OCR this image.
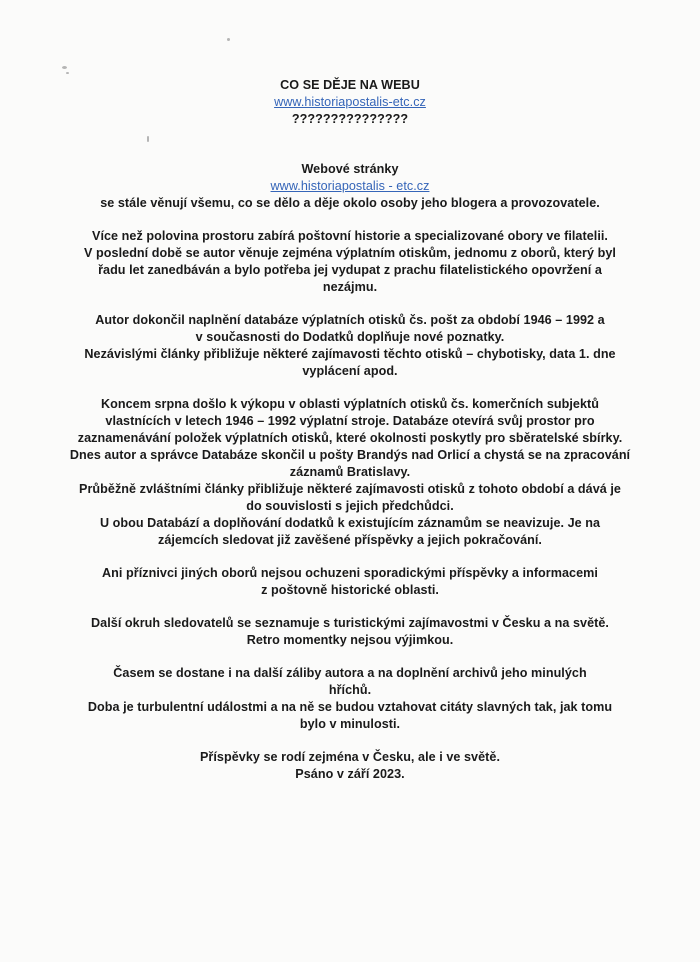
CO SE DĚJE NA WEBU
www.historiapostalis-etc.cz
???????????????
Webové stránky
www.historiapostalis - etc.cz
se stále věnují všemu, co se dělo a děje okolo osoby jeho blogera a provozovatele.
Více než polovina prostoru zabírá poštovní historie a specializované obory ve filatelii.
V poslední době se autor věnuje zejména výplatním otiskům, jednomu z oborů, který byl
řadu let zanedbáván a bylo potřeba jej vydupat z prachu filatelistického opovržení a
nezájmu.
Autor dokončil naplnění databáze výplatních otisků čs. pošt za období 1946 – 1992 a
v současnosti do Dodatků doplňuje nové poznatky.
Nezávislými články přibližuje některé zajímavosti těchto otisků – chybotisky, data 1. dne
vyplácení apod.
Koncem srpna došlo k výkopu v oblasti výplatních otisků čs. komerčních subjektů
vlastnících v letech 1946 – 1992 výplatní stroje. Databáze otevírá svůj prostor pro
zaznamenávání položek výplatních otisků, které okolnosti poskytly pro sběratelské sbírky.
Dnes autor a správce Databáze skončil u pošty Brandýs nad Orlicí a chystá se na zpracování
záznamů Bratislavy.
Průběžně zvláštními články přibližuje některé zajímavosti otisků z tohoto období a dává je
do souvislosti s jejich předchůdci.
U obou Databází a doplňování dodatků k existujícím záznamům se neavizuje. Je na
zájemcích sledovat již zavěšené příspěvky a jejich pokračování.
Ani příznivci jiných oborů nejsou ochuzeni sporadickými příspěvky a informacemi
z poštovně historické oblasti.
Další okruh sledovatelů se seznamuje s turistickými zajímavostmi v Česku a na světě.
Retro momentky nejsou výjimkou.
Časem se dostane i na další záliby autora a na doplnění archivů jeho minulých
hříchů.
Doba je turbulentní událostmi a na ně se budou vztahovat citáty slavných tak, jak tomu
bylo v minulosti.
Příspěvky se rodí zejména v Česku, ale i ve světě.
Psáno v září 2023.
